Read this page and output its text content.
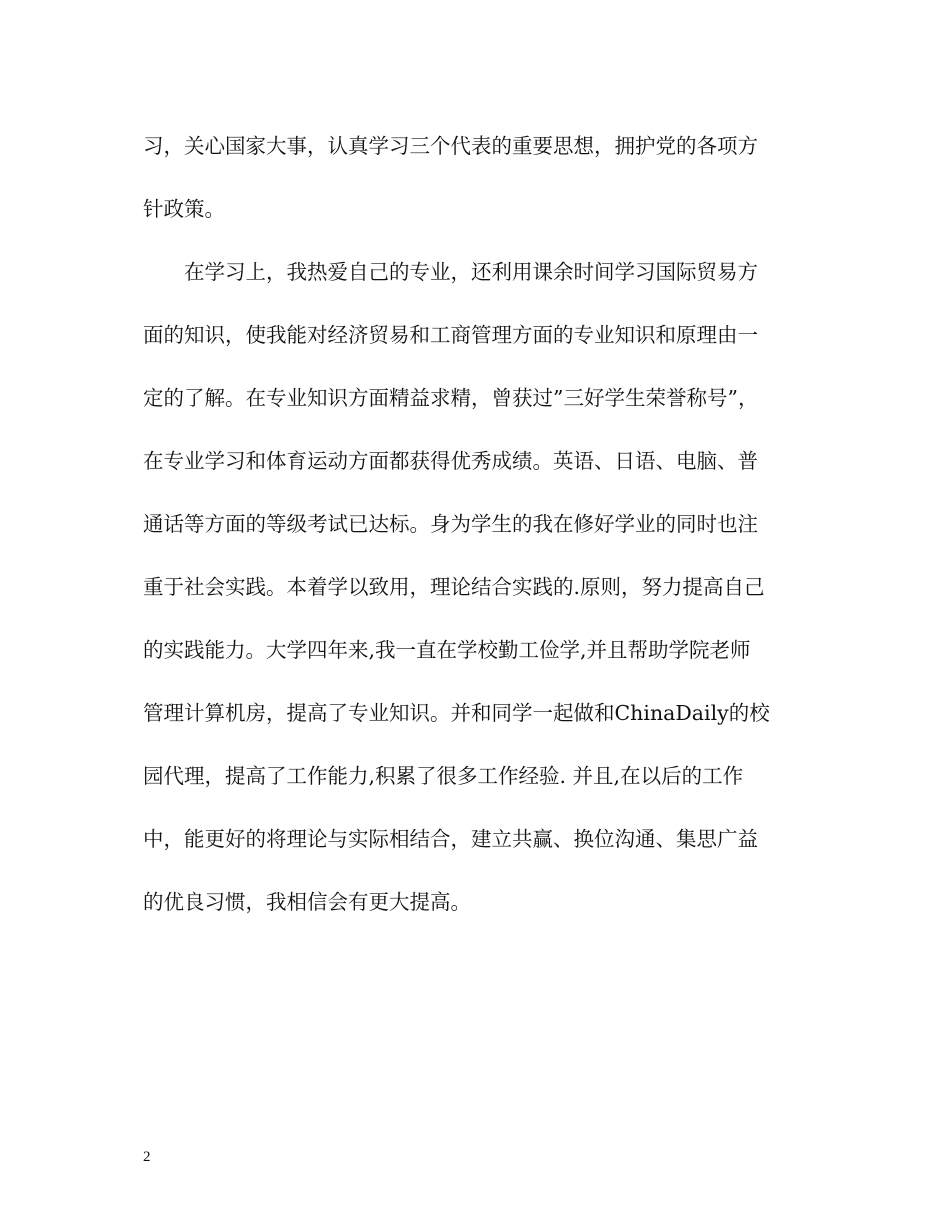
习，关心国家大事，认真学习三个代表的重要思想，拥护党的各项方
针政策。
　　在学习上，我热爱自己的专业，还利用课余时间学习国际贸易方
面的知识，使我能对经济贸易和工商管理方面的专业知识和原理由一
定的了解。在专业知识方面精益求精，曾获过”三好学生荣誉称号”，
在专业学习和体育运动方面都获得优秀成绩。英语、日语、电脑、普
通话等方面的等级考试已达标。身为学生的我在修好学业的同时也注
重于社会实践。本着学以致用，理论结合实践的.原则，努力提高自己
的实践能力。大学四年来,我一直在学校勤工俭学,并且帮助学院老师
管理计算机房，提高了专业知识。并和同学一起做和ChinaDaily的校
园代理，提高了工作能力,积累了很多工作经验. 并且,在以后的工作
中，能更好的将理论与实际相结合，建立共赢、换位沟通、集思广益
的优良习惯，我相信会有更大提高。
2
